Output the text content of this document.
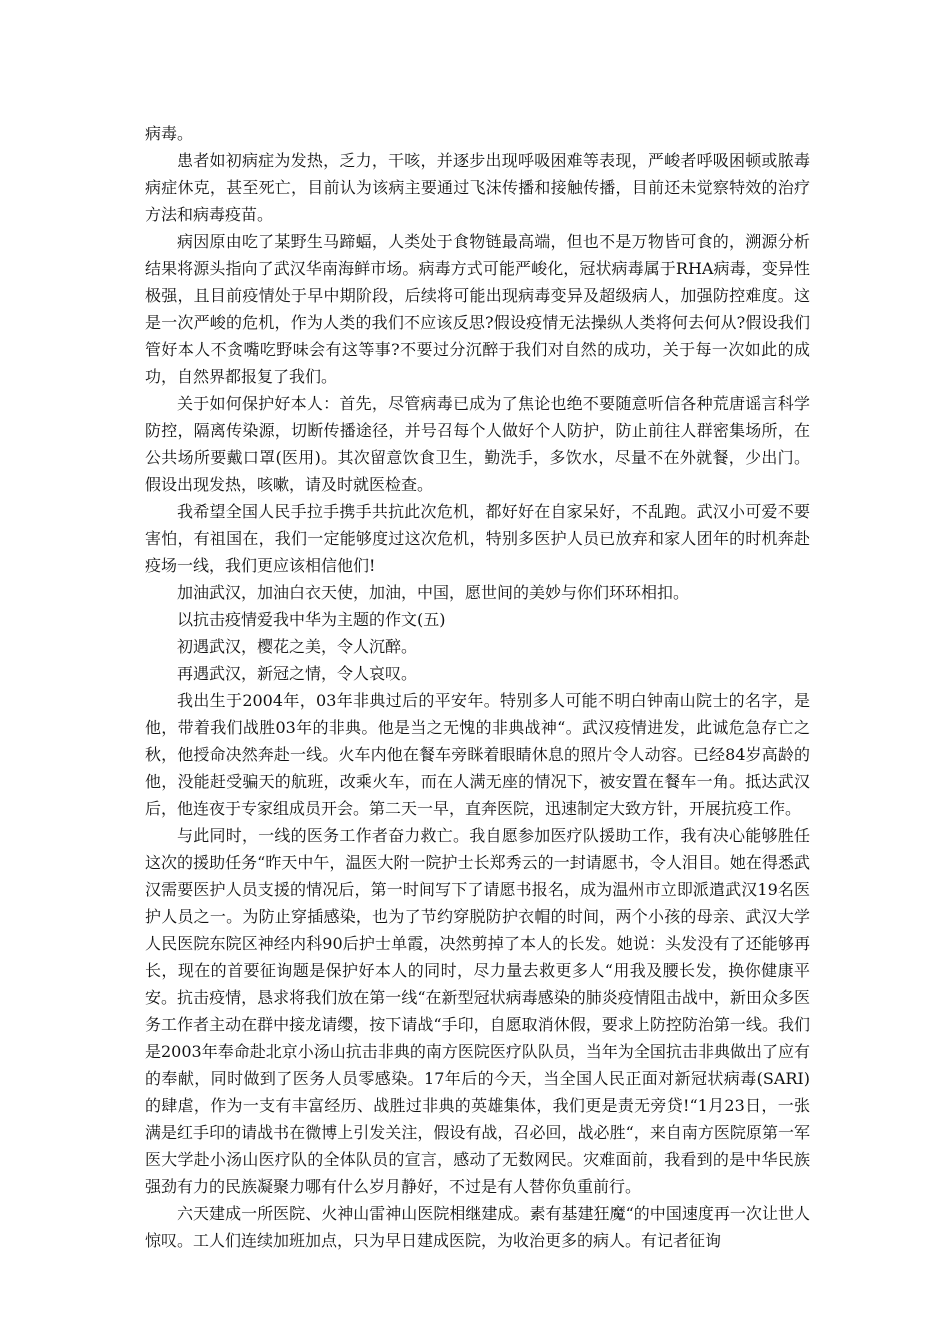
病毒。

患者如初病症为发热，乏力，干咳，并逐步出现呼吸困难等表现，严峻者呼吸困顿或脓毒病症休克，甚至死亡，目前认为该病主要通过飞沫传播和接触传播，目前还未觉察特效的治疗方法和病毒疫苗。

病因原由吃了某野生马蹄蝠，人类处于食物链最高端，但也不是万物皆可食的，溯源分析结果将源头指向了武汉华南海鲜市场。病毒方式可能严峻化，冠状病毒属于RHA病毒，变异性极强，且目前疫情处于早中期阶段，后续将可能出现病毒变异及超级病人，加强防控难度。这是一次严峻的危机，作为人类的我们不应该反思?假设疫情无法操纵人类将何去何从?假设我们管好本人不贪嘴吃野味会有这等事?不要过分沉醉于我们对自然的成功，关于每一次如此的成功，自然界都报复了我们。

关于如何保护好本人：首先，尽管病毒已成为了焦论也绝不要随意听信各种荒唐谣言科学防控，隔离传染源，切断传播途径，并号召每个人做好个人防护，防止前往人群密集场所，在公共场所要戴口罩(医用)。其次留意饮食卫生，勤洗手，多饮水，尽量不在外就餐，少出门。假设出现发热，咳嗽，请及时就医检查。

我希望全国人民手拉手携手共抗此次危机，都好好在自家呆好，不乱跑。武汉小可爱不要害怕，有祖国在，我们一定能够度过这次危机，特别多医护人员已放弃和家人团年的时机奔赴疫场一线，我们更应该相信他们!

加油武汉，加油白衣天使，加油，中国，愿世间的美妙与你们环环相扣。

以抗击疫情爱我中华为主题的作文(五)

初遇武汉，樱花之美，令人沉醉。

再遇武汉，新冠之情，令人哀叹。

我出生于2004年，03年非典过后的平安年。特别多人可能不明白钟南山院士的名字，是他，带着我们战胜03年的非典。他是当之无愧的非典战神“。武汉疫情进发，此诚危急存亡之秋，他授命决然奔赴一线。火车内他在餐车旁眯着眼睛休息的照片令人动容。已经84岁高龄的他，没能赶受骗天的航班，改乘火车，而在人满无座的情况下，被安置在餐车一角。抵达武汉后，他连夜于专家组成员开会。第二天一早，直奔医院，迅速制定大致方针，开展抗疫工作。

与此同时，一线的医务工作者奋力救亡。我自愿参加医疗队援助工作，我有决心能够胜任这次的援助任务“昨天中午，温医大附一院护士长郑秀云的一封请愿书，令人泪目。她在得悉武汉需要医护人员支援的情况后，第一时间写下了请愿书报名，成为温州市立即派遣武汉19名医护人员之一。为防止穿插感染，也为了节约穿脱防护衣帽的时间，两个小孩的母亲、武汉大学人民医院东院区神经内科90后护士单霞，决然剪掉了本人的长发。她说：头发没有了还能够再长，现在的首要征询题是保护好本人的同时，尽力量去救更多人“用我及腰长发，换你健康平安。抗击疫情，恳求将我们放在第一线“在新型冠状病毒感染的肺炎疫情阻击战中，新田众多医务工作者主动在群中接龙请缨，按下请战“手印，自愿取消休假，要求上防控防治第一线。我们是2003年奉命赴北京小汤山抗击非典的南方医院医疗队队员，当年为全国抗击非典做出了应有的奉献，同时做到了医务人员零感染。17年后的今天，当全国人民正面对新冠状病毒(SARI)的肆虐，作为一支有丰富经历、战胜过非典的英雄集体，我们更是责无旁贷!“1月23日，一张满是红手印的请战书在微博上引发关注，假设有战，召必回，战必胜“，来自南方医院原第一军医大学赴小汤山医疗队的全体队员的宣言，感动了无数网民。灾难面前，我看到的是中华民族强劲有力的民族凝聚力哪有什么岁月静好，不过是有人替你负重前行。

六天建成一所医院、火神山雷神山医院相继建成。素有基建狂魔“的中国速度再一次让世人惊叹。工人们连续加班加点，只为早日建成医院，为收治更多的病人。有记者征询
